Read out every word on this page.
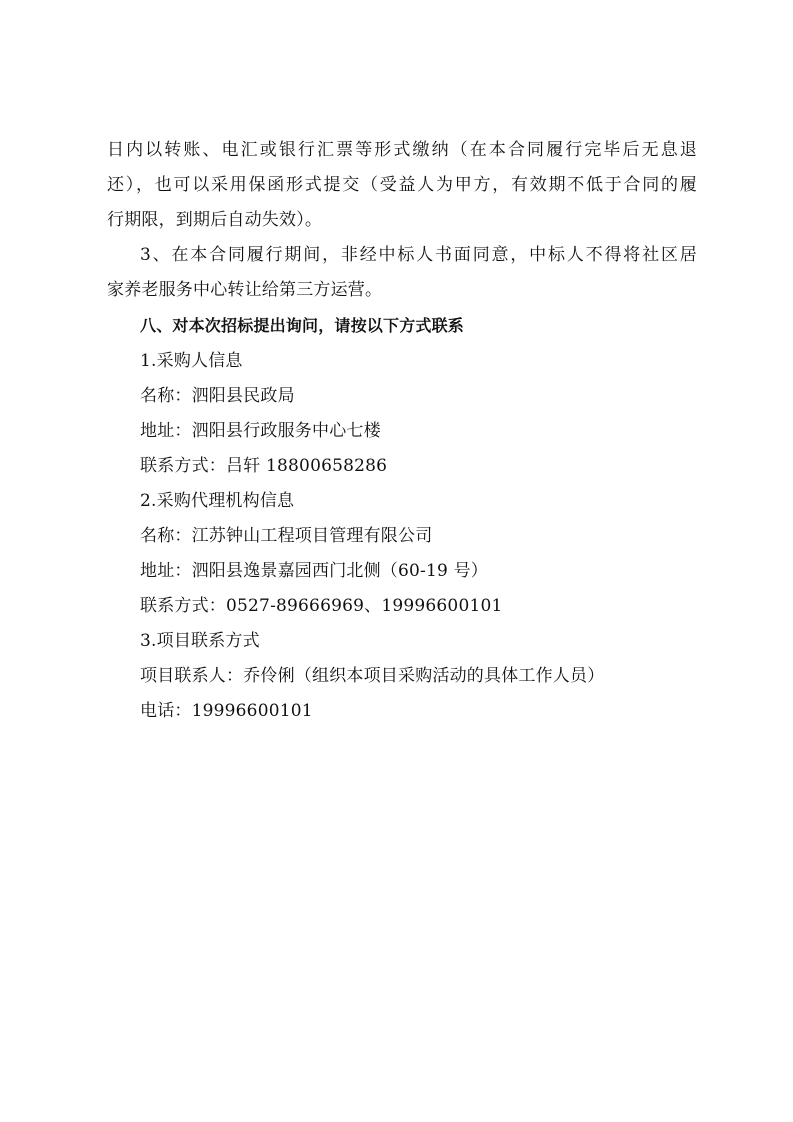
日内以转账、电汇或银行汇票等形式缴纳（在本合同履行完毕后无息退
还），也可以采用保函形式提交（受益人为甲方，有效期不低于合同的履
行期限，到期后自动失效）。
3、在本合同履行期间，非经中标人书面同意，中标人不得将社区居
家养老服务中心转让给第三方运营。
八、对本次招标提出询问，请按以下方式联系
1.采购人信息
名称：泗阳县民政局
地址：泗阳县行政服务中心七楼
联系方式：吕轩 18800658286
2.采购代理机构信息
名称：江苏钟山工程项目管理有限公司
地址：泗阳县逸景嘉园西门北侧（60-19 号）
联系方式：0527-89666969、19996600101
3.项目联系方式
项目联系人：乔伶俐（组织本项目采购活动的具体工作人员）
电话：19996600101
